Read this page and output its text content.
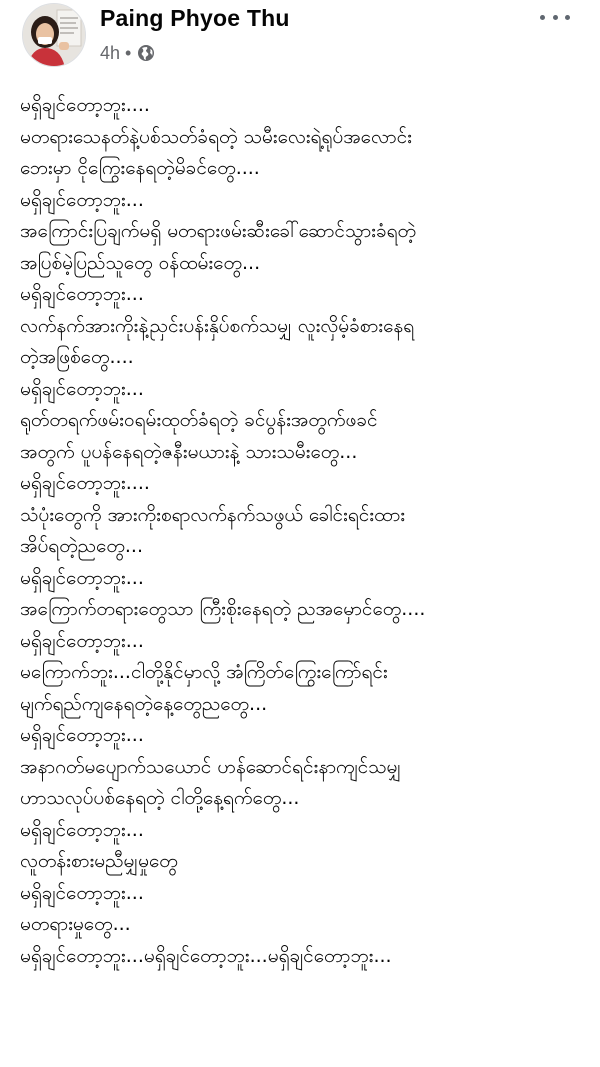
Paing Phyoe Thu
4h •
မရှိချင်တော့ဘူး....
မတရားသေနတ်နဲ့ပစ်သတ်ခံရတဲ့ သမီးလေးရဲ့ရုပ်အလောင်း
ဘေးမှာ ငိုကြွေးနေရတဲ့မိခင်တွေ....
မရှိချင်တော့ဘူး...
အကြောင်းပြချက်မရှိ မတရားဖမ်းဆီးခေါ်ဆောင်သွားခံရတဲ့
အပြစ်မဲ့ပြည်သူတွေ ဝန်ထမ်းတွေ...
မရှိချင်တော့ဘူး...
လက်နက်အားကိုးနဲ့ညှင်းပန်းနှိပ်စက်သမျှ လူးလှိမ့်ခံစားနေရ
တဲ့အဖြစ်တွေ....
မရှိချင်တော့ဘူး...
ရုတ်တရက်ဖမ်းဝရမ်းထုတ်ခံရတဲ့ ခင်ပွန်းအတွက်ဖခင်
အတွက် ပူပန်နေရတဲ့ဇနီးမယားနဲ့ သားသမီးတွေ...
မရှိချင်တော့ဘူး....
သံပုံးတွေကို အားကိုးစရာလက်နက်သဖွယ် ခေါင်းရင်းထား
အိပ်ရတဲ့ညတွေ...
မရှိချင်တော့ဘူး...
အကြောက်တရားတွေသာ ကြီးစိုးနေရတဲ့ ညအမှောင်တွေ....
မရှိချင်တော့ဘူး...
မကြောက်ဘူး...ငါတို့နိုင်မှာလို့ အံကြိတ်ကြွေးကြော်ရင်း
မျက်ရည်ကျနေရတဲ့နေ့တွေညတွေ...
မရှိချင်တော့ဘူး...
အနာဂတ်မပျောက်သယောင် ဟန်ဆောင်ရင်းနာကျင်သမျှ
ဟာသလုပ်ပစ်နေရတဲ့ ငါတို့နေ့ရက်တွေ...
မရှိချင်တော့ဘူး...
လူတန်းစားမညီမျှမှုတွေ
မရှိချင်တော့ဘူး...
မတရားမှုတွေ...
မရှိချင်တော့ဘူး...မရှိချင်တော့ဘူး...မရှိချင်တော့ဘူး...
